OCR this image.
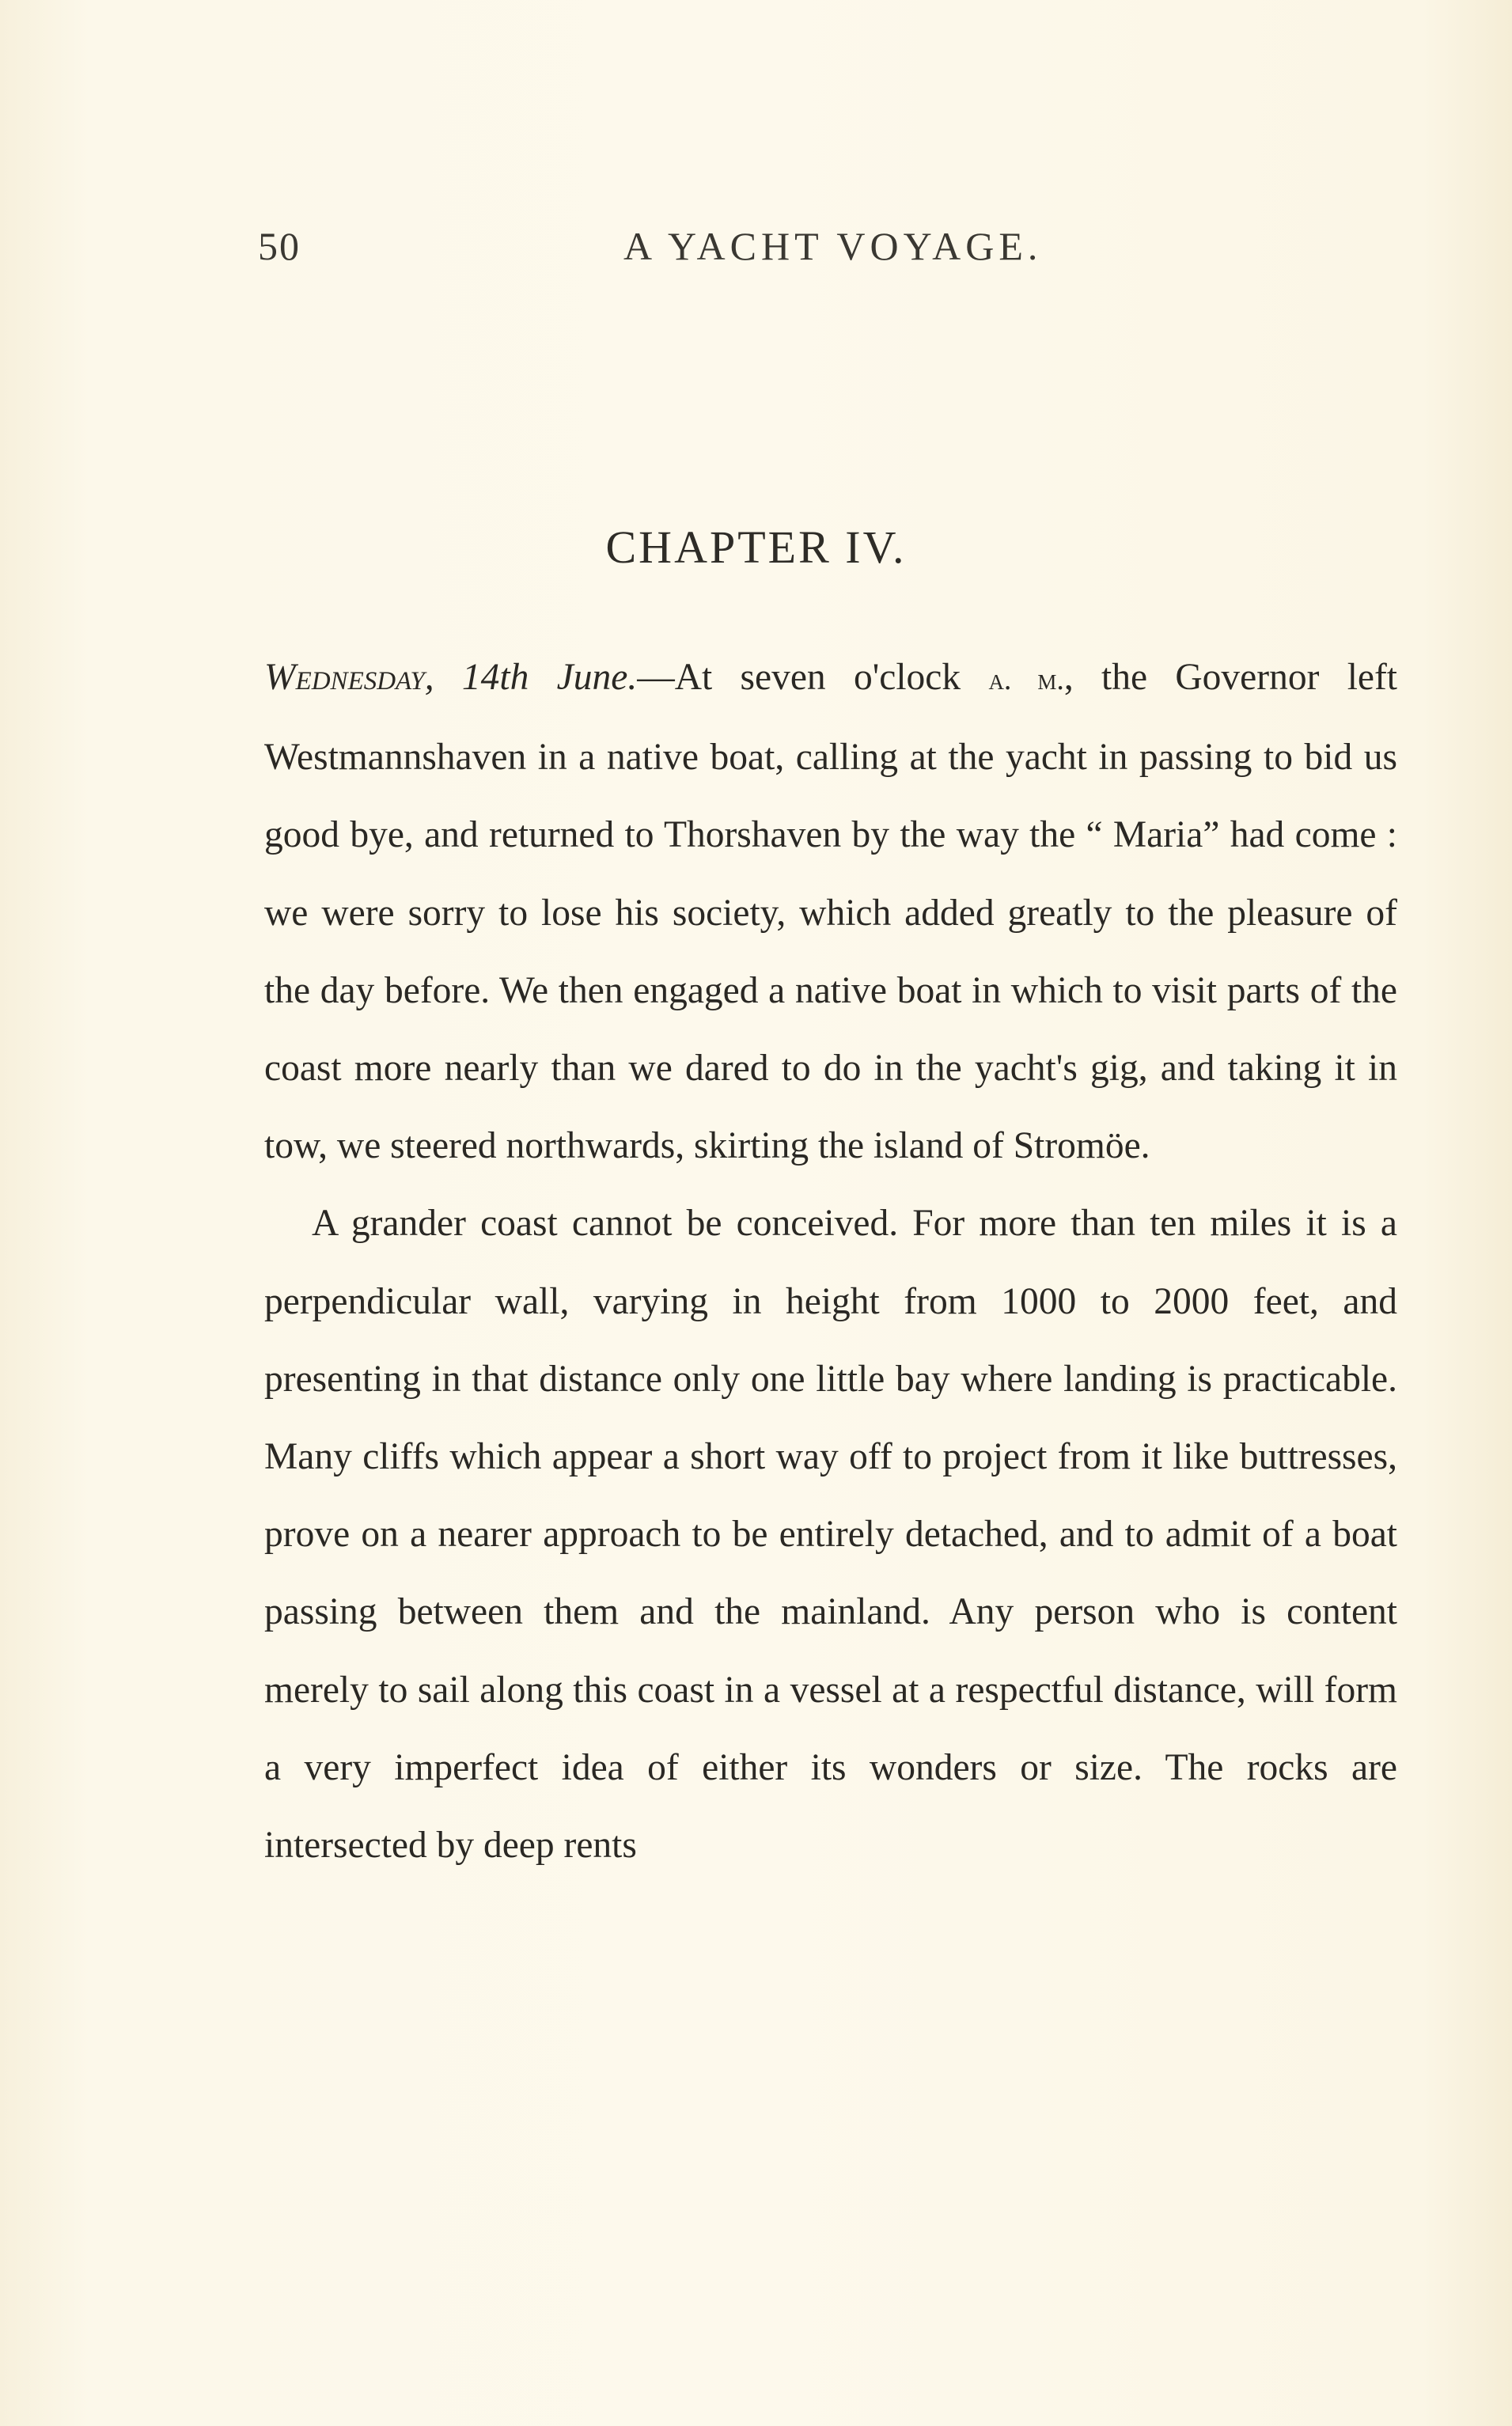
50	A YACHT VOYAGE.
CHAPTER IV.

Wednesday, 14th June.—At seven o'clock a. m., the Governor left Westmannshaven in a native boat, calling at the yacht in passing to bid us good bye, and returned to Thorshaven by the way the “ Maria” had come : we were sorry to lose his society, which added greatly to the pleasure of the day before. We then engaged a native boat in which to visit parts of the coast more nearly than we dared to do in the yacht's gig, and taking it in tow, we steered northwards, skirting the island of Stromöe.

A grander coast cannot be conceived. For more than ten miles it is a perpendicular wall, varying in height from 1000 to 2000 feet, and presenting in that distance only one little bay where landing is practicable. Many cliffs which appear a short way off to project from it like buttresses, prove on a nearer approach to be entirely detached, and to admit of a boat passing between them and the mainland. Any person who is content merely to sail along this coast in a vessel at a respectful distance, will form a very imperfect idea of either its wonders or size. The rocks are intersected by deep rents
